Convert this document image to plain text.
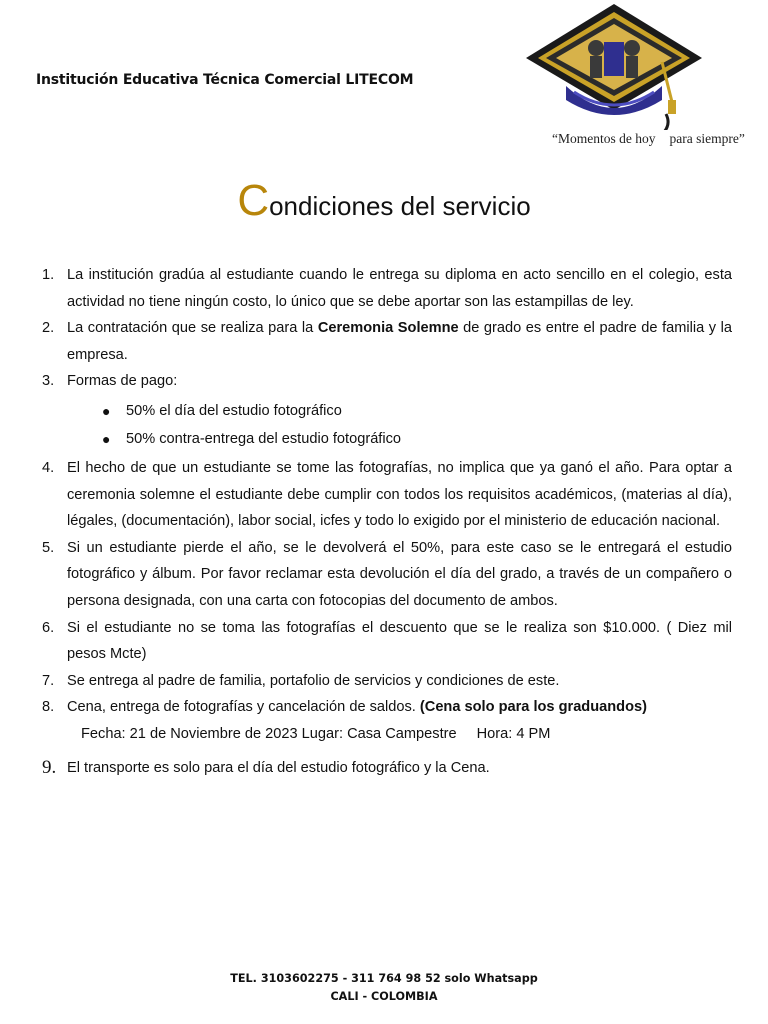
Institución Educativa Técnica Comercial LITECOM
“Momentos de hoy para siempre”
Condiciones del servicio
1. La institución gradúa al estudiante cuando le entrega su diploma en acto sencillo en el colegio, esta actividad no tiene ningún costo, lo único que se debe aportar son las estampillas de ley.
2. La contratación que se realiza para la Ceremonia Solemne de grado es entre el padre de familia y la empresa.
3. Formas de pago:
● 50% el día del estudio fotográfico
● 50% contra-entrega del estudio fotográfico
4. El hecho de que un estudiante se tome las fotografías, no implica que ya ganó el año. Para optar a ceremonia solemne el estudiante debe cumplir con todos los requisitos académicos, (materias al día), légales, (documentación), labor social, icfes y todo lo exigido por el ministerio de educación nacional.
5. Si un estudiante pierde el año, se le devolverá el 50%, para este caso se le entregará el estudio fotográfico y álbum. Por favor reclamar esta devolución el día del grado, a través de un compañero o persona designada, con una carta con fotocopias del documento de ambos.
6. Si el estudiante no se toma las fotografías el descuento que se le realiza son $10.000. ( Diez mil pesos Mcte)
7. Se entrega al padre de familia, portafolio de servicios y condiciones de este.
8. Cena, entrega de fotografías y cancelación de saldos. (Cena solo para los graduandos)
Fecha: 21 de Noviembre de 2023 Lugar: Casa Campestre Hora: 4 PM
9. El transporte es solo para el día del estudio fotográfico y la Cena.
TEL. 3103602275 - 311 764 98 52 solo Whatsapp
CALI - COLOMBIA
